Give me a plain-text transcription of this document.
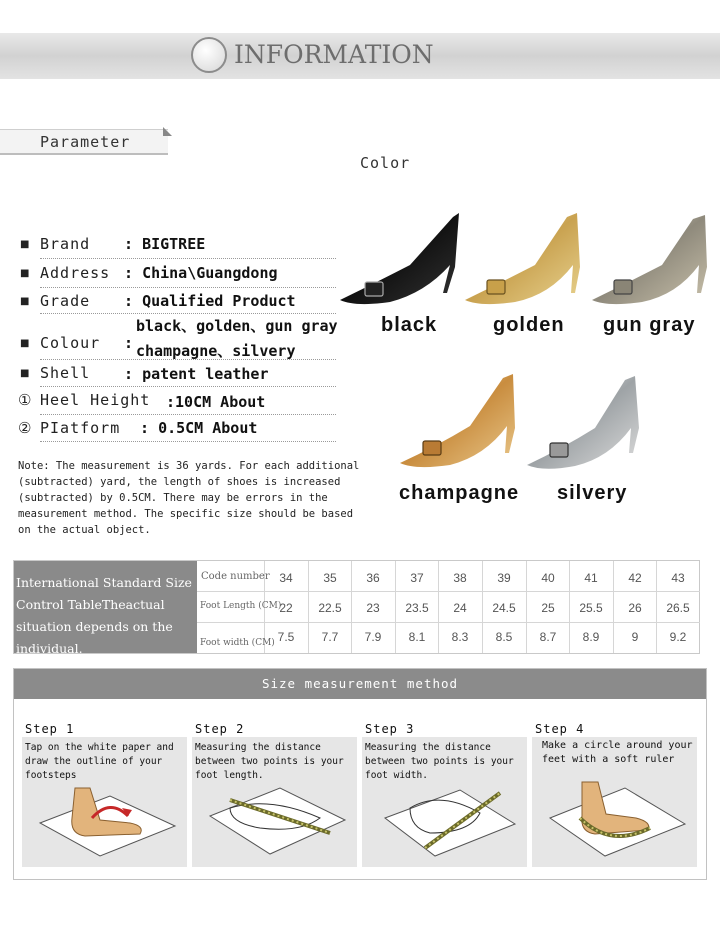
INFORMATION
Parameter
Color
■ Brand : BIGTREE
■ Address : China\Guangdong
■ Grade : Qualified Product
black、golden、gun gray
■ Colour : champagne、silvery
■ Shell : patent leather
① Heel Height :10CM About
② PIatform : 0.5CM About
Note: The measurement is 36 yards. For each additional (subtracted) yard, the length of shoes is increased (subtracted) by 0.5CM. There may be errors in the measurement method. The specific size should be based on the actual object.
black	golden gun gray
champagne silvery
International Standard Size Control TableTheactual situation depends on the individual.
Code number
Foot Length (CM)
Foot width (CM)
34
22
7.5
35
22.5
7.7
36
23
7.9
37
23.5
8.1
38
24
8.3
39
24.5
8.5
40
25
8.7
41
25.5
8.9
42
26
9
43
26.5
9.2
Size measurement method
Step 1
Tap on the white paper and draw the outline of your footsteps
Step 2
Measuring the distance between two points is your foot length.
Step 3
Measuring the distance between two points is your foot width.
Step 4
Make a circle around your feet with a soft ruler
